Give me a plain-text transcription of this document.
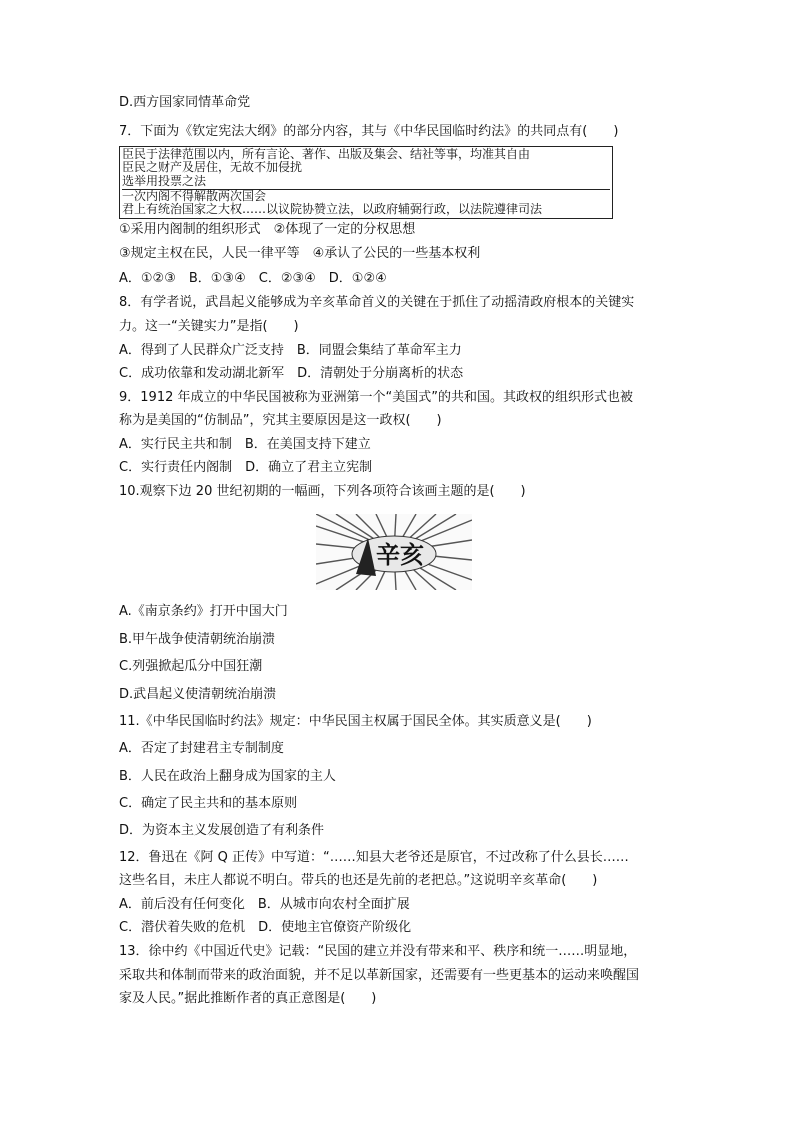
D.西方国家同情革命党
7．下面为《钦定宪法大纲》的部分内容，其与《中华民国临时约法》的共同点有(　　)
臣民于法律范围以内，所有言论、著作、出版及集会、结社等事，均准其自由
臣民之财产及居住，无故不加侵扰
选举用投票之法
一次内阁不得解散两次国会
君上有统治国家之大权……以议院协赞立法，以政府辅弼行政，以法院遵律司法
①采用内阁制的组织形式　②体现了一定的分权思想
③规定主权在民，人民一律平等　④承认了公民的一些基本权利
A．①②③　B．①③④　C．②③④　D．①②④
8．有学者说，武昌起义能够成为辛亥革命首义的关键在于抓住了动摇清政府根本的关键实
力。这一“关键实力”是指(　　)
A．得到了人民群众广泛支持　B．同盟会集结了革命军主力
C．成功依靠和发动湖北新军　D．清朝处于分崩离析的状态
9．1912 年成立的中华民国被称为亚洲第一个“美国式”的共和国。其政权的组织形式也被
称为是美国的“仿制品”，究其主要原因是这一政权(　　)
A．实行民主共和制　B．在美国支持下建立
C．实行责任内阁制　D．确立了君主立宪制
10.观察下边 20 世纪初期的一幅画，下列各项符合该画主题的是(　　)
辛亥
A.《南京条约》打开中国大门
B.甲午战争使清朝统治崩溃
C.列强掀起瓜分中国狂潮
D.武昌起义使清朝统治崩溃
11.《中华民国临时约法》规定：中华民国主权属于国民全体。其实质意义是(　　)
A．否定了封建君主专制制度
B．人民在政治上翻身成为国家的主人
C．确定了民主共和的基本原则
D．为资本主义发展创造了有利条件
12．鲁迅在《阿 Q 正传》中写道：“……知县大老爷还是原官，不过改称了什么县长……
这些名目，未庄人都说不明白。带兵的也还是先前的老把总。”这说明辛亥革命(　　)
A．前后没有任何变化　B．从城市向农村全面扩展
C．潜伏着失败的危机　D．使地主官僚资产阶级化
13．徐中约《中国近代史》记载：“民国的建立并没有带来和平、秩序和统一……明显地，
采取共和体制而带来的政治面貌，并不足以革新国家，还需要有一些更基本的运动来唤醒国
家及人民。”据此推断作者的真正意图是(　　)
